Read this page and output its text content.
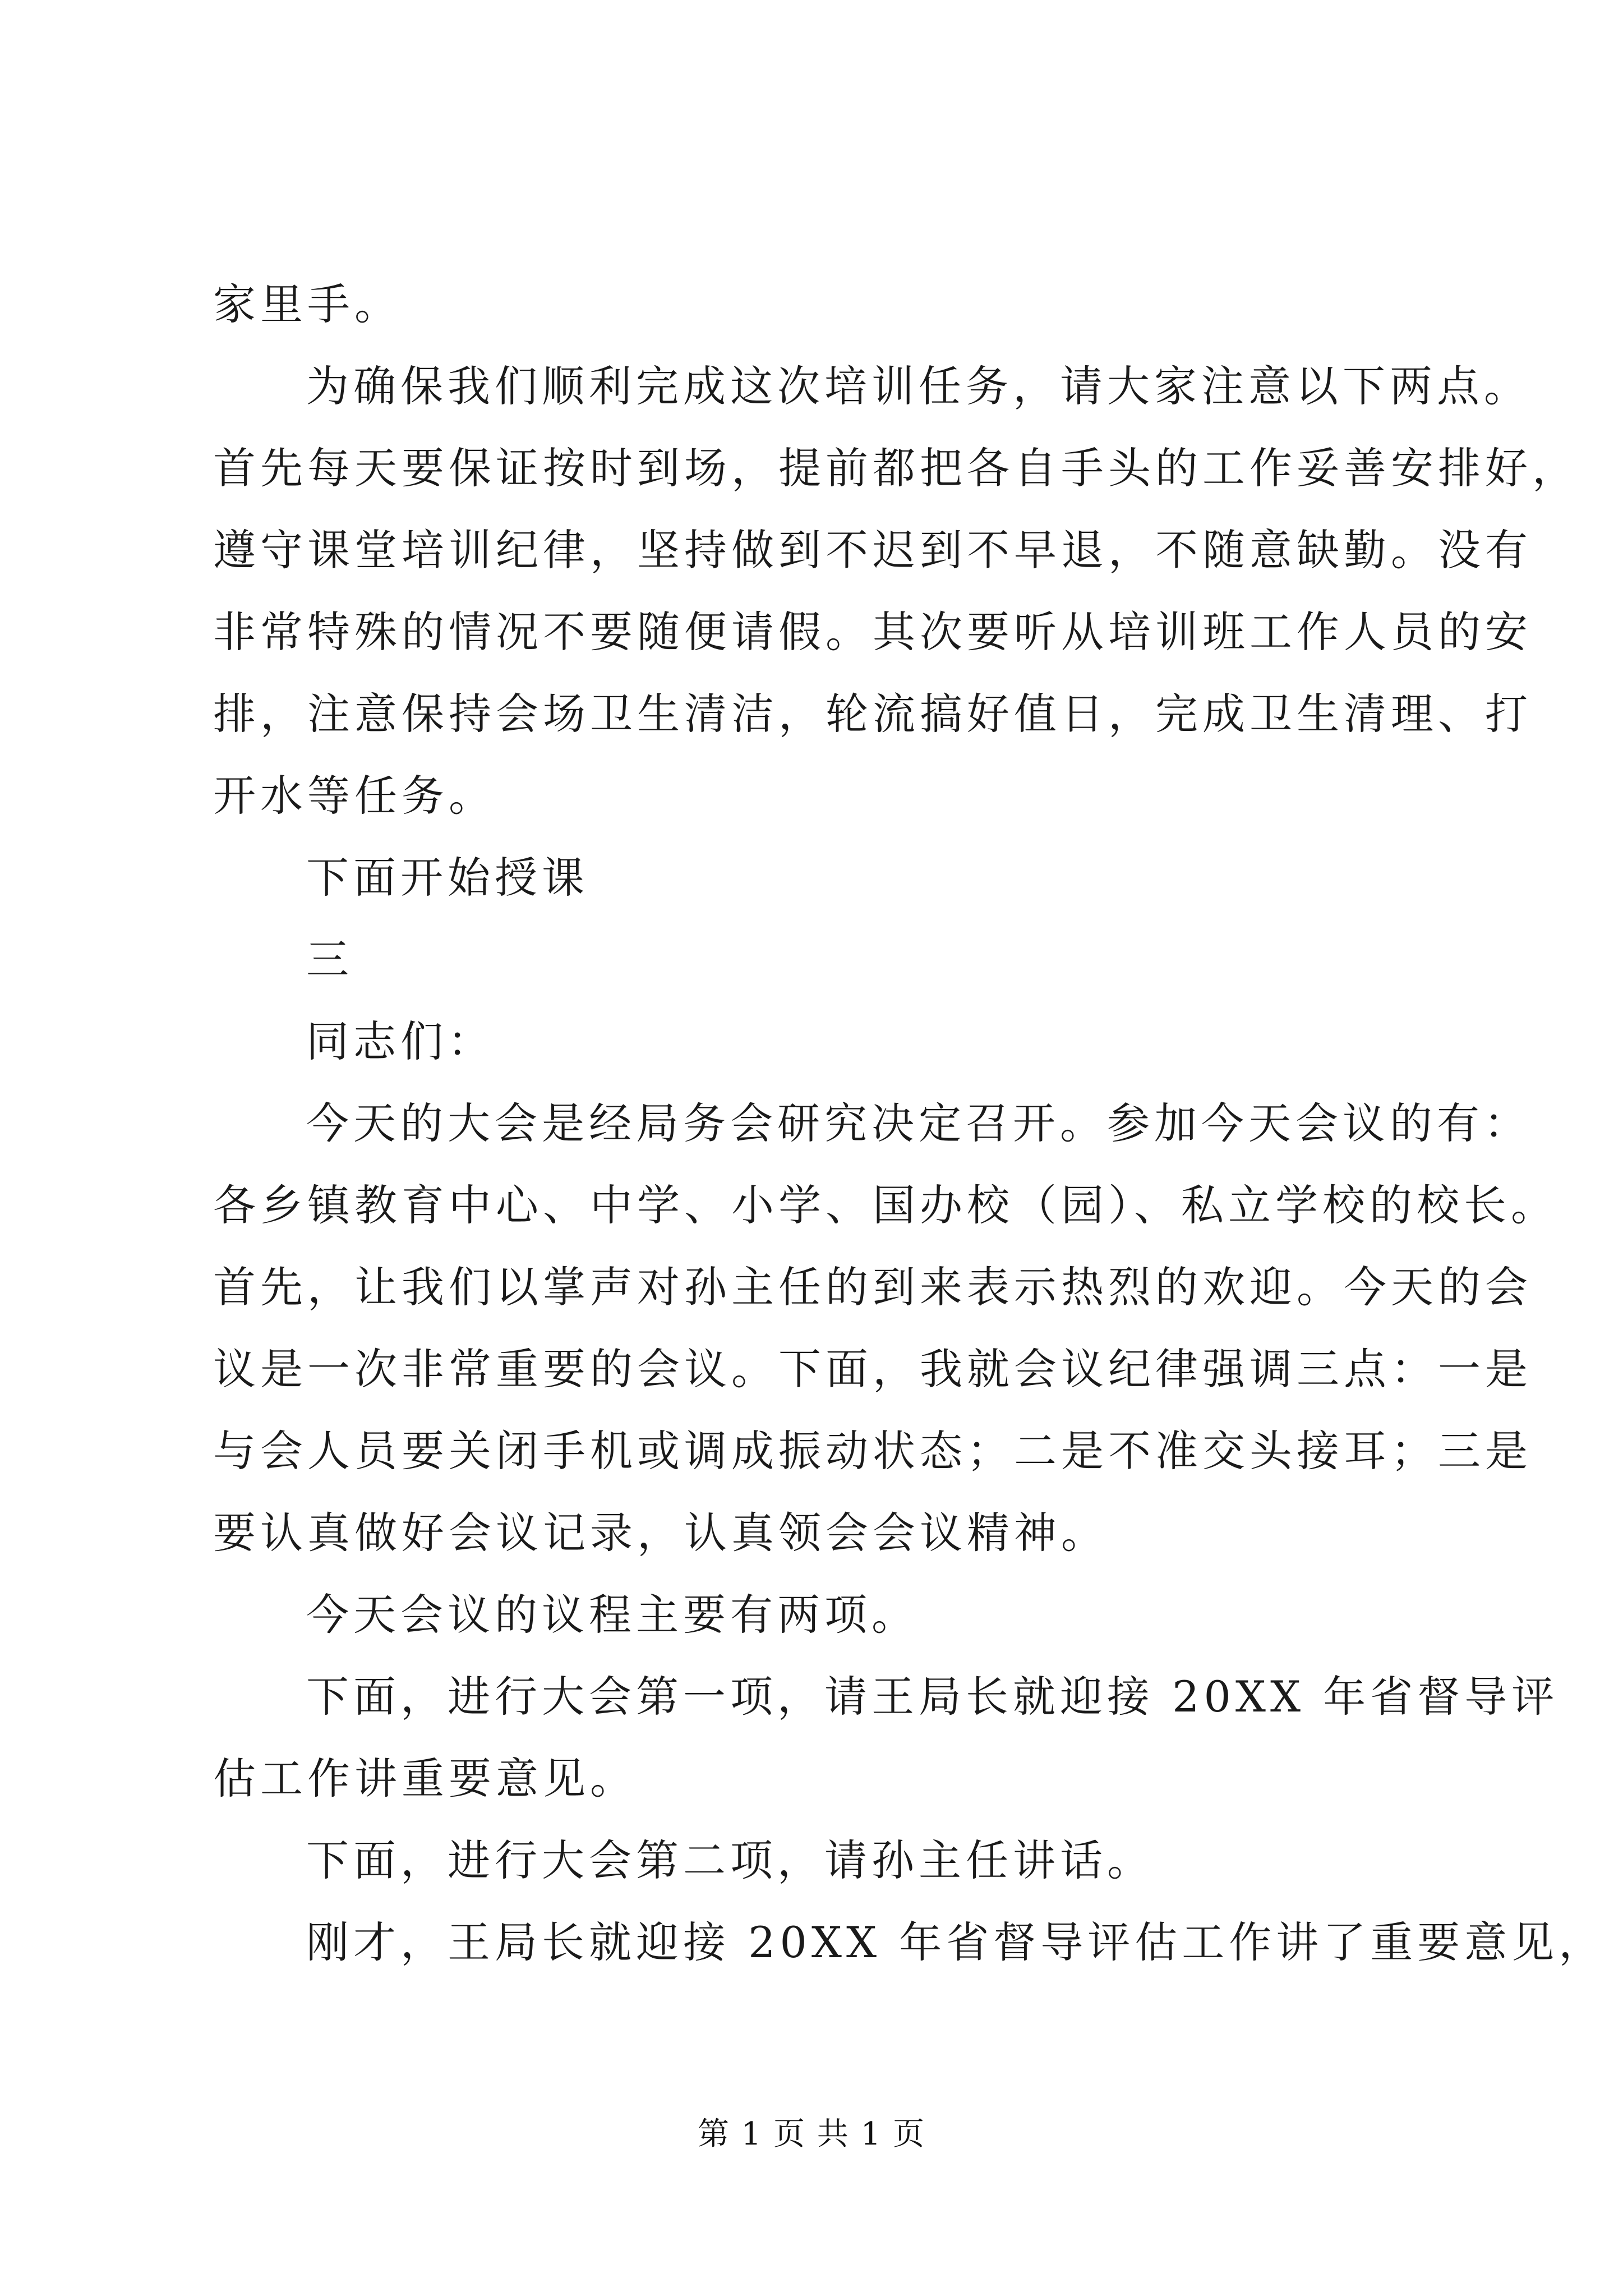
家里手。
为确保我们顺利完成这次培训任务，请大家注意以下两点。
首先每天要保证按时到场，提前都把各自手头的工作妥善安排好，
遵守课堂培训纪律，坚持做到不迟到不早退，不随意缺勤。没有
非常特殊的情况不要随便请假。其次要听从培训班工作人员的安
排，注意保持会场卫生清洁，轮流搞好值日，完成卫生清理、打
开水等任务。
下面开始授课
三
同志们：
今天的大会是经局务会研究决定召开。参加今天会议的有：
各乡镇教育中心、中学、小学、国办校（园）、私立学校的校长。
首先，让我们以掌声对孙主任的到来表示热烈的欢迎。今天的会
议是一次非常重要的会议。下面，我就会议纪律强调三点：一是
与会人员要关闭手机或调成振动状态；二是不准交头接耳；三是
要认真做好会议记录，认真领会会议精神。
今天会议的议程主要有两项。
下面，进行大会第一项，请王局长就迎接 20XX 年省督导评
估工作讲重要意见。
下面，进行大会第二项，请孙主任讲话。
刚才，王局长就迎接 20XX 年省督导评估工作讲了重要意见，
第 1 页 共 1 页
